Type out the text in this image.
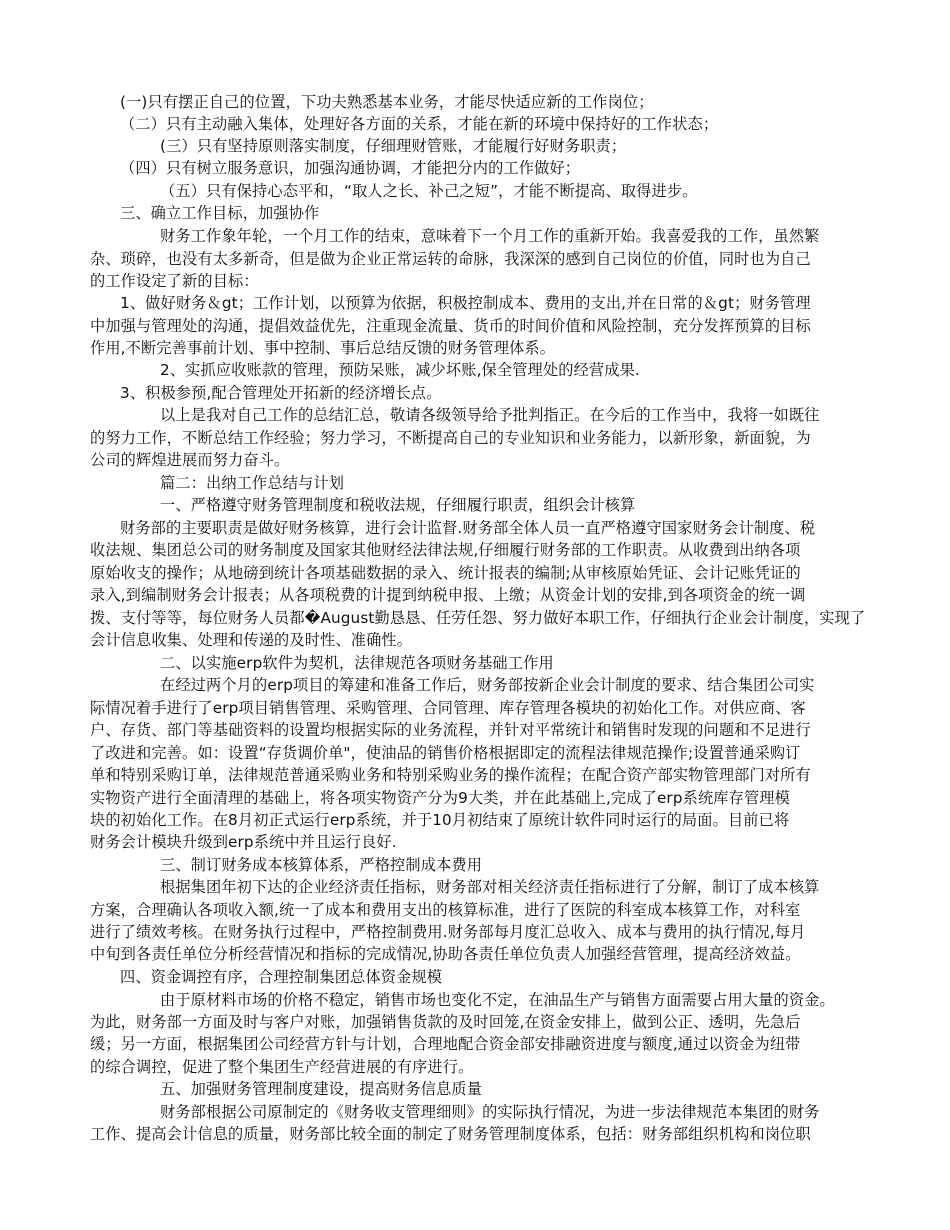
(一)只有摆正自己的位置，下功夫熟悉基本业务，才能尽快适应新的工作岗位；
（二）只有主动融入集体，处理好各方面的关系，才能在新的环境中保持好的工作状态；
(三）只有坚持原则落实制度，仔细理财管账，才能履行好财务职责；
（四）只有树立服务意识，加强沟通协调，才能把分内的工作做好；
（五）只有保持心态平和，“取人之长、补己之短”，才能不断提高、取得进步。
三、确立工作目标，加强协作
财务工作象年轮，一个月工作的结束，意味着下一个月工作的重新开始。我喜爱我的工作，虽然繁
杂、琐碎，也没有太多新奇，但是做为企业正常运转的命脉，我深深的感到自己岗位的价值，同时也为自己
的工作设定了新的目标：
1、做好财务＆gt；工作计划，以预算为依据，积极控制成本、费用的支出,并在日常的＆gt；财务管理
中加强与管理处的沟通，提倡效益优先，注重现金流量、货币的时间价值和风险控制，充分发挥预算的目标
作用,不断完善事前计划、事中控制、事后总结反馈的财务管理体系。
2、实抓应收账款的管理，预防呆账，减少坏账,保全管理处的经营成果.
3、积极参预,配合管理处开拓新的经济增长点。
以上是我对自己工作的总结汇总，敬请各级领导给予批判指正。在今后的工作当中，我将一如既往
的努力工作，不断总结工作经验；努力学习，不断提高自己的专业知识和业务能力，以新形象，新面貌，为
公司的辉煌进展而努力奋斗。
篇二：出纳工作总结与计划
一、严格遵守财务管理制度和税收法规，仔细履行职责，组织会计核算
财务部的主要职责是做好财务核算，进行会计监督.财务部全体人员一直严格遵守国家财务会计制度、税
收法规、集团总公司的财务制度及国家其他财经法律法规,仔细履行财务部的工作职责。从收费到出纳各项
原始收支的操作；从地磅到统计各项基础数据的录入、统计报表的编制;从审核原始凭证、会计记账凭证的
录入,到编制财务会计报表；从各项税费的计提到纳税申报、上缴；从资金计划的安排,到各项资金的统一调
拨、支付等等，每位财务人员都�August勤恳恳、任劳任怨、努力做好本职工作，仔细执行企业会计制度，实现了
会计信息收集、处理和传递的及时性、准确性。
二、以实施erp软件为契机，法律规范各项财务基础工作用
在经过两个月的erp项目的筹建和准备工作后，财务部按新企业会计制度的要求、结合集团公司实
际情况着手进行了erp项目销售管理、采购管理、合同管理、库存管理各模块的初始化工作。对供应商、客
户、存货、部门等基础资料的设置均根据实际的业务流程，并针对平常统计和销售时发现的问题和不足进行
了改进和完善。如：设置“存货调价单"，使油品的销售价格根据即定的流程法律规范操作;设置普通采购订
单和特别采购订单，法律规范普通采购业务和特别采购业务的操作流程；在配合资产部实物管理部门对所有
实物资产进行全面清理的基础上，将各项实物资产分为9大类，并在此基础上,完成了erp系统库存管理模
块的初始化工作。在8月初正式运行erp系统，并于10月初结束了原统计软件同时运行的局面。目前已将
财务会计模块升级到erp系统中并且运行良好.
三、制订财务成本核算体系，严格控制成本费用
根据集团年初下达的企业经济责任指标，财务部对相关经济责任指标进行了分解，制订了成本核算
方案，合理确认各项收入额,统一了成本和费用支出的核算标准，进行了医院的科室成本核算工作，对科室
进行了绩效考核。在财务执行过程中，严格控制费用.财务部每月度汇总收入、成本与费用的执行情况,每月
中旬到各责任单位分析经营情况和指标的完成情况,协助各责任单位负责人加强经营管理，提高经济效益。
四、资金调控有序，合理控制集团总体资金规模
由于原材料市场的价格不稳定，销售市场也变化不定，在油品生产与销售方面需要占用大量的资金。
为此，财务部一方面及时与客户对账，加强销售货款的及时回笼,在资金安排上，做到公正、透明，先急后
缓；另一方面，根据集团公司经营方针与计划，合理地配合资金部安排融资进度与额度,通过以资金为纽带
的综合调控，促进了整个集团生产经营进展的有序进行。
五、加强财务管理制度建设，提高财务信息质量
财务部根据公司原制定的《财务收支管理细则》的实际执行情况，为进一步法律规范本集团的财务
工作、提高会计信息的质量，财务部比较全面的制定了财务管理制度体系，包括：财务部组织机构和岗位职
